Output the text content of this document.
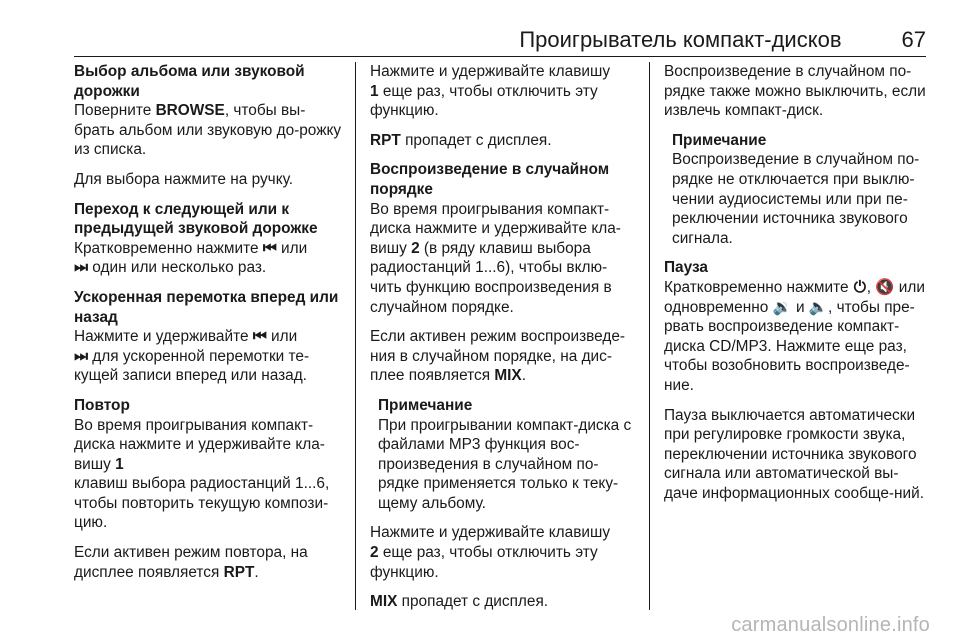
Проигрыватель компакт-дисков	67
Выбор альбома или звуковой дорожки
Поверните BROWSE, чтобы вы-брать альбом или звуковую до-рожку из списка.
Для выбора нажмите на ручку.
Переход к следующей или к предыдущей звуковой дорожке
Кратковременно нажмите ⏮ или
⏭ один или несколько раз.
Ускоренная перемотка вперед или назад
Нажмите и удерживайте ⏮ или
⏭ для ускоренной перемотки те-кущей записи вперед или назад.
Повтор
Во время проигрывания компакт-диска нажмите и удерживайте кла-вишу 1
клавиш выбора радиостанций 1...6, чтобы повторить текущую компози-цию.
Если активен режим повтора, на дисплее появляется RPT.
Нажмите и удерживайте клавишу
1 еще раз, чтобы отключить эту функцию.
RPT пропадет с дисплея.
Воспроизведение в случайном порядке
Во время проигрывания компакт-диска нажмите и удерживайте кла-вишу 2 (в ряду клавиш выбора радиостанций 1...6), чтобы вклю-чить функцию воспроизведения в случайном порядке.
Если активен режим воспроизведе-ния в случайном порядке, на дис-плее появляется MIX.
Примечание
При проигрывании компакт-диска с файлами MP3 функция вос-произведения в случайном по-рядке применяется только к теку-щему альбому.
Нажмите и удерживайте клавишу
2 еще раз, чтобы отключить эту функцию.
MIX пропадет с дисплея.
Воспроизведение в случайном по-рядке также можно выключить, если извлечь компакт-диск.
Примечание
Воспроизведение в случайном по-рядке не отключается при выклю-чении аудиосистемы или при пе-реключении источника звукового сигнала.
Пауза
Кратковременно нажмите ⏻, 🔇 или одновременно 🔉 и 🔈, чтобы пре-рвать воспроизведение компакт-диска CD/MP3. Нажмите еще раз, чтобы возобновить воспроизведе-ние.
Пауза выключается автоматически при регулировке громкости звука, переключении источника звукового сигнала или автоматической вы-даче информационных сообще-ний.
carmanualsonline.info
